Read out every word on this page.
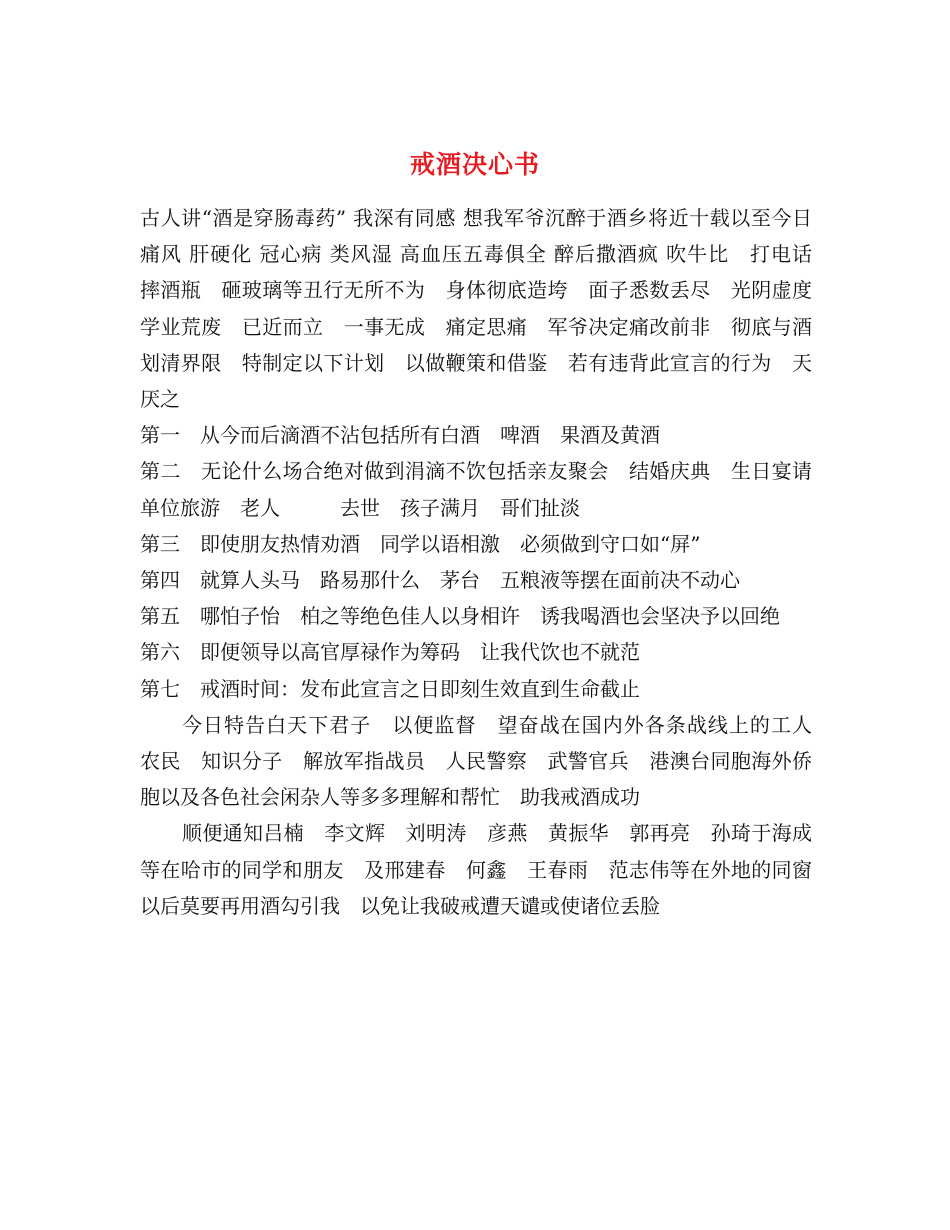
戒酒决心书

古人讲“酒是穿肠毒药” 我深有同感 想我军爷沉醉于酒乡将近十载以至今日痛风 肝硬化 冠心病 类风湿 高血压五毒俱全 醉后撒酒疯 吹牛比　打电话　摔酒瓶　砸玻璃等丑行无所不为　身体彻底造垮　面子悉数丢尽　光阴虚度　学业荒废　已近而立　一事无成　痛定思痛　军爷决定痛改前非　彻底与酒划清界限　特制定以下计划　以做鞭策和借鉴　若有违背此宣言的行为　天厌之

第一　从今而后滴酒不沾包括所有白酒　啤酒　果酒及黄酒

第二　无论什么场合绝对做到涓滴不饮包括亲友聚会　结婚庆典　生日宴请　单位旅游　老人　　　去世　孩子满月　哥们扯淡

第三　即使朋友热情劝酒　同学以语相激　必须做到守口如“屏”

第四　就算人头马　路易那什么　茅台　五粮液等摆在面前决不动心

第五　哪怕子怡　柏之等绝色佳人以身相许　诱我喝酒也会坚决予以回绝

第六　即便领导以高官厚禄作为筹码　让我代饮也不就范

第七　戒酒时间：发布此宣言之日即刻生效直到生命截止

今日特告白天下君子　以便监督　望奋战在国内外各条战线上的工人　农民　知识分子　解放军指战员　人民警察　武警官兵　港澳台同胞海外侨胞以及各色社会闲杂人等多多理解和帮忙　助我戒酒成功

顺便通知吕楠　李文辉　刘明涛　彦燕　黄振华　郭再亮　孙琦于海成等在哈市的同学和朋友　及邢建春　何鑫　王春雨　范志伟等在外地的同窗以后莫要再用酒勾引我　以免让我破戒遭天谴或使诸位丢脸
